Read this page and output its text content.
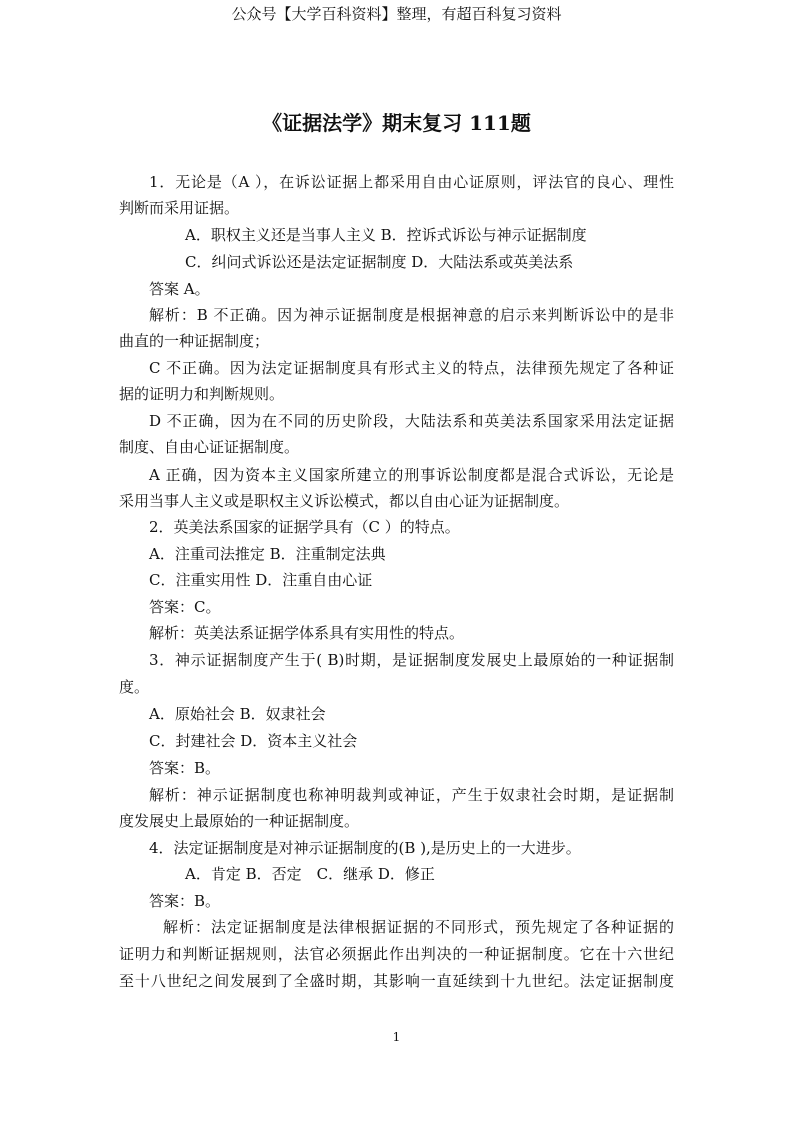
公众号【大学百科资料】整理，有超百科复习资料
《证据法学》期末复习 111题
1．无论是（A ），在诉讼证据上都采用自由心证原则，评法官的良心、理性
判断而采用证据。
A．职权主义还是当事人主义 B．控诉式诉讼与神示证据制度
C．纠问式诉讼还是法定证据制度 D．大陆法系或英美法系
答案 A。
解析：B 不正确。因为神示证据制度是根据神意的启示来判断诉讼中的是非
曲直的一种证据制度；
C 不正确。因为法定证据制度具有形式主义的特点，法律预先规定了各种证
据的证明力和判断规则。
D 不正确，因为在不同的历史阶段，大陆法系和英美法系国家采用法定证据
制度、自由心证证据制度。
A 正确，因为资本主义国家所建立的刑事诉讼制度都是混合式诉讼，无论是
采用当事人主义或是职权主义诉讼模式，都以自由心证为证据制度。
2．英美法系国家的证据学具有（C ）的特点。
A．注重司法推定 B．注重制定法典
C．注重实用性 D．注重自由心证
答案：C。
解析：英美法系证据学体系具有实用性的特点。
3．神示证据制度产生于( B)时期，是证据制度发展史上最原始的一种证据制
度。
A．原始社会 B．奴隶社会
C．封建社会 D．资本主义社会
答案：B。
解析：神示证据制度也称神明裁判或神证，产生于奴隶社会时期，是证据制
度发展史上最原始的一种证据制度。
4．法定证据制度是对神示证据制度的(B ),是历史上的一大进步。
A．肯定 B．否定　C．继承 D．修正
答案：B。
解析：法定证据制度是法律根据证据的不同形式，预先规定了各种证据的
证明力和判断证据规则，法官必须据此作出判决的一种证据制度。它在十六世纪
至十八世纪之间发展到了全盛时期，其影响一直延续到十九世纪。法定证据制度
1
